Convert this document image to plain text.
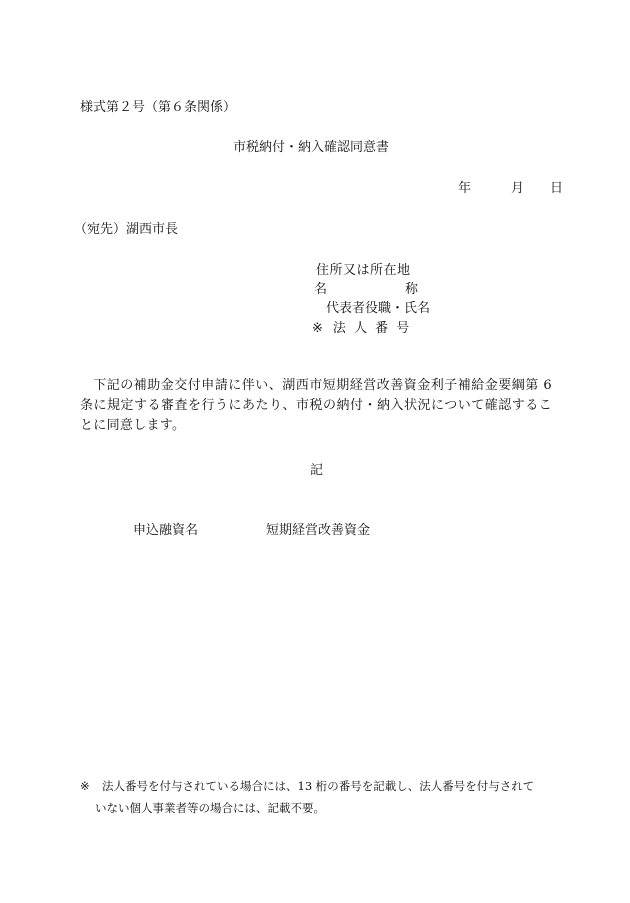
様式第２号（第６条関係）
市税納付・納入確認同意書
年	月 日
（宛先）湖西市長
住所又は所在地
名	称
代表者役職・氏名
※ 法 人 番 号
下記の補助金交付申請に伴い、湖西市短期経営改善資金利子補給金要綱第 6 条に規定する審査を行うにあたり、市税の納付・納入状況について確認することに同意します。
記
申込融資名	短期経営改善資金
※ 法人番号を付与されている場合には、13 桁の番号を記載し、法人番号を付与されて
いない個人事業者等の場合には、記載不要。
